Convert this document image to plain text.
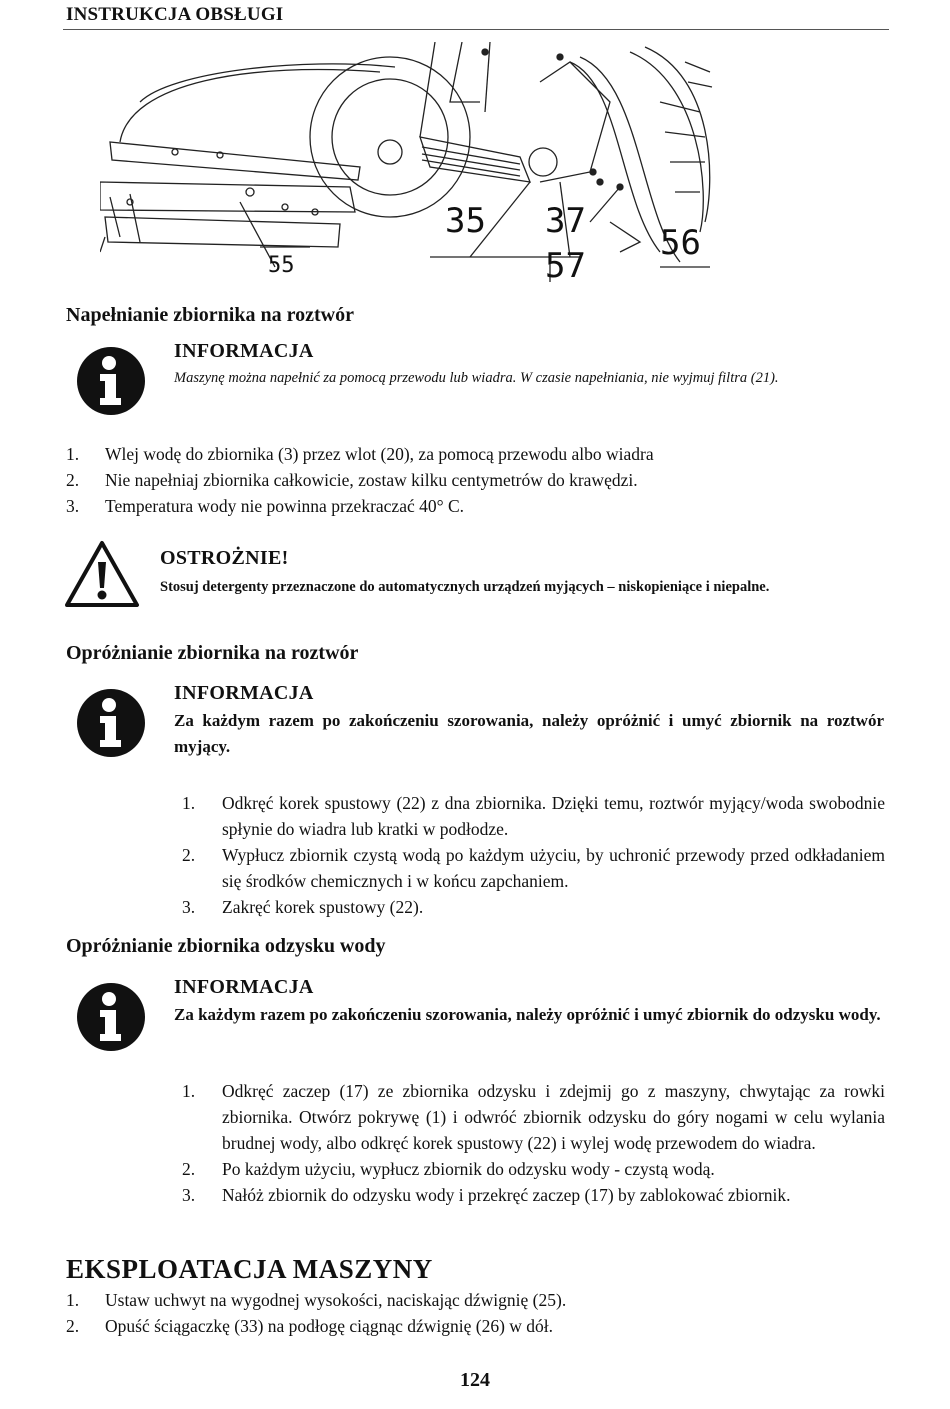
INSTRUKCJA OBSŁUGI
55
35 37
57
56
Napełnianie zbiornika na roztwór
INFORMACJA
Maszynę można napełnić za pomocą przewodu lub wiadra. W czasie napełniania, nie wyjmuj filtra (21).
1.	Wlej wodę do zbiornika (3) przez wlot (20), za pomocą przewodu albo wiadra
2.	Nie napełniaj zbiornika całkowicie, zostaw kilku centymetrów do krawędzi.
3.	Temperatura wody nie powinna przekraczać 40° C.
OSTROŻNIE!
Stosuj detergenty przeznaczone do automatycznych urządzeń myjących – niskopieniące i niepalne.
Opróżnianie zbiornika na roztwór
INFORMACJA
Za każdym razem po zakończeniu szorowania, należy opróżnić i umyć zbiornik na roztwór myjący.
1.	Odkręć korek spustowy (22) z dna zbiornika. Dzięki temu, roztwór myjący/woda swobodnie spłynie do wiadra lub kratki w podłodze.
2.	Wypłucz zbiornik czystą wodą po każdym użyciu, by uchronić przewody przed odkładaniem się środków chemicznych i w końcu zapchaniem.
3.	Zakręć korek spustowy (22).
Opróżnianie zbiornika odzysku wody
INFORMACJA
Za każdym razem po zakończeniu szorowania, należy opróżnić i umyć zbiornik do odzysku wody.
1.	Odkręć zaczep (17) ze zbiornika odzysku i zdejmij go z maszyny, chwytając za rowki zbiornika. Otwórz pokrywę (1) i odwróć zbiornik odzysku do góry nogami w celu wylania brudnej wody, albo odkręć korek spustowy (22) i wylej wodę przewodem do wiadra.
2.	Po każdym użyciu, wypłucz zbiornik do odzysku wody - czystą wodą.
3.	Nałóż zbiornik do odzysku wody i przekręć zaczep (17) by zablokować zbiornik.
EKSPLOATACJA MASZYNY
1.	Ustaw uchwyt na wygodnej wysokości, naciskając dźwignię (25).
2.	Opuść ściągaczkę (33) na podłogę ciągnąc dźwignię (26) w dół.
124
